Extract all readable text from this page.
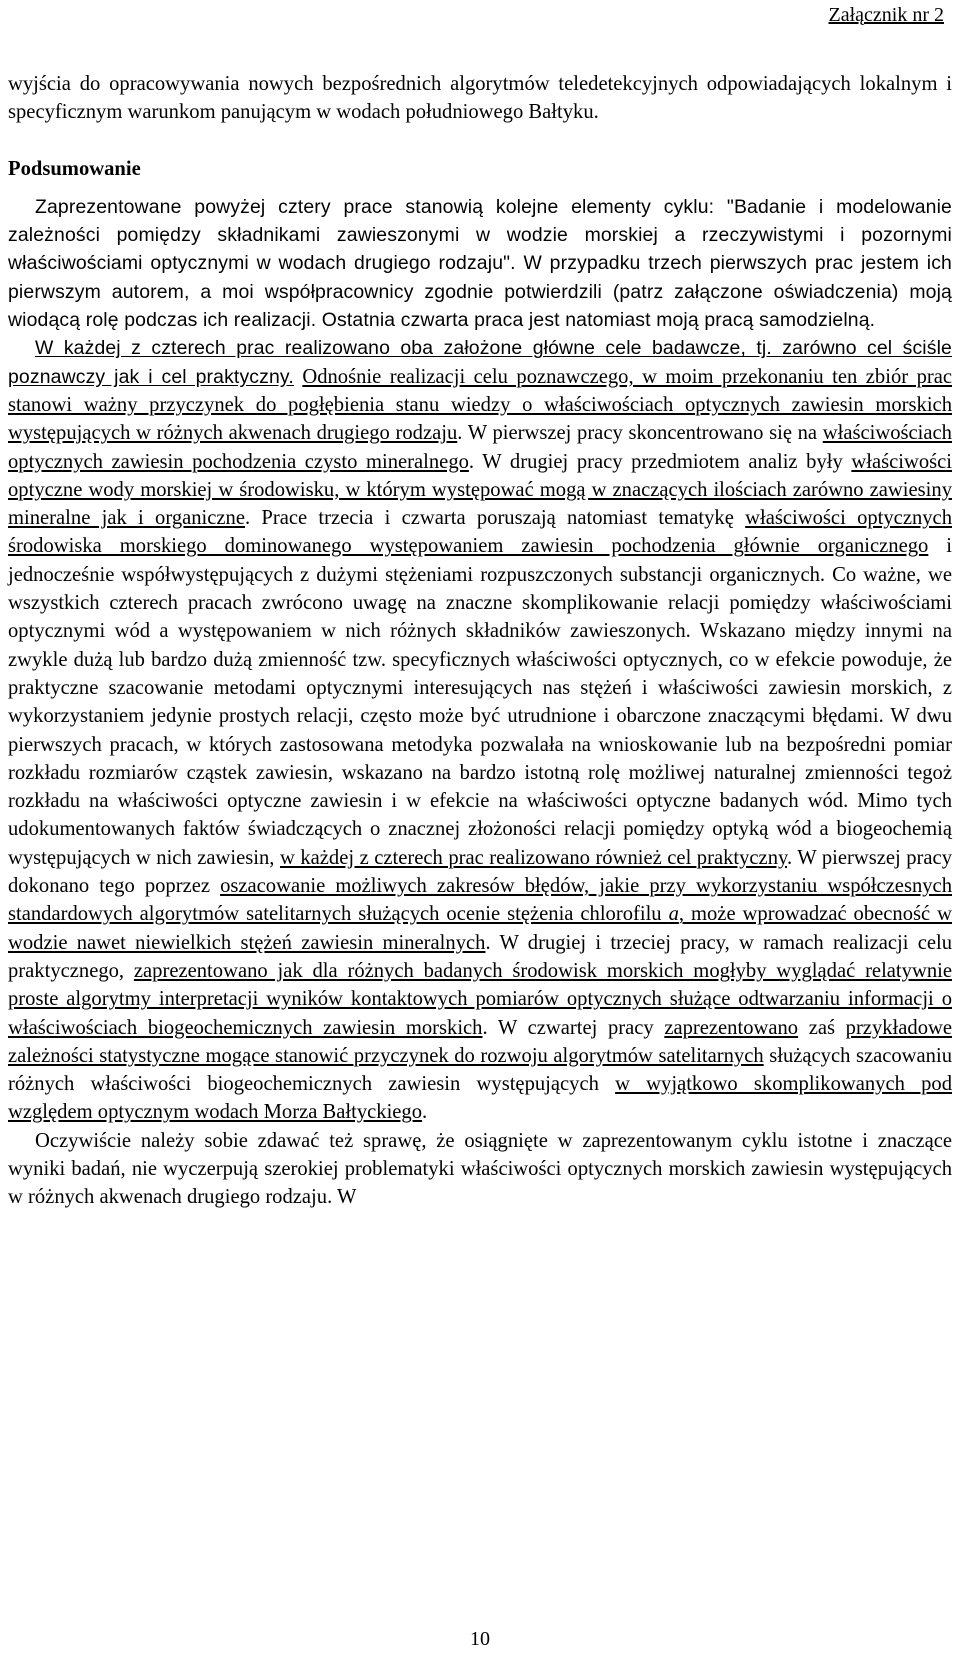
Załącznik nr 2

wyjścia do opracowywania nowych bezpośrednich algorytmów teledetekcyjnych odpowiadających lokalnym i specyficznym warunkom panującym w wodach południowego Bałtyku.

Podsumowanie

Zaprezentowane powyżej cztery prace stanowią kolejne elementy cyklu: "Badanie i modelowanie zależności pomiędzy składnikami zawieszonymi w wodzie morskiej a rzeczywistymi i pozornymi właściwościami optycznymi w wodach drugiego rodzaju". W przypadku trzech pierwszych prac jestem ich pierwszym autorem, a moi współpracownicy zgodnie potwierdzili (patrz załączone oświadczenia) moją wiodącą rolę podczas ich realizacji. Ostatnia czwarta praca jest natomiast moją pracą samodzielną.

W każdej z czterech prac realizowano oba założone główne cele badawcze, tj. zarówno cel ściśle poznawczy jak i cel praktyczny. Odnośnie realizacji celu poznawczego, w moim przekonaniu ten zbiór prac stanowi ważny przyczynek do pogłębienia stanu wiedzy o właściwościach optycznych zawiesin morskich występujących w różnych akwenach drugiego rodzaju. W pierwszej pracy skoncentrowano się na właściwościach optycznych zawiesin pochodzenia czysto mineralnego. W drugiej pracy przedmiotem analiz były właściwości optyczne wody morskiej w środowisku, w którym występować mogą w znaczących ilościach zarówno zawiesiny mineralne jak i organiczne. Prace trzecia i czwarta poruszają natomiast tematykę właściwości optycznych środowiska morskiego dominowanego występowaniem zawiesin pochodzenia głównie organicznego i jednocześnie współwystępujących z dużymi stężeniami rozpuszczonych substancji organicznych. Co ważne, we wszystkich czterech pracach zwrócono uwagę na znaczne skomplikowanie relacji pomiędzy właściwościami optycznymi wód a występowaniem w nich różnych składników zawieszonych. Wskazano między innymi na zwykle dużą lub bardzo dużą zmienność tzw. specyficznych właściwości optycznych, co w efekcie powoduje, że praktyczne szacowanie metodami optycznymi interesujących nas stężeń i właściwości zawiesin morskich, z wykorzystaniem jedynie prostych relacji, często może być utrudnione i obarczone znaczącymi błędami. W dwu pierwszych pracach, w których zastosowana metodyka pozwalała na wnioskowanie lub na bezpośredni pomiar rozkładu rozmiarów cząstek zawiesin, wskazano na bardzo istotną rolę możliwej naturalnej zmienności tegoż rozkładu na właściwości optyczne zawiesin i w efekcie na właściwości optyczne badanych wód. Mimo tych udokumentowanych faktów świadczących o znacznej złożoności relacji pomiędzy optyką wód a biogeochemią występujących w nich zawiesin, w każdej z czterech prac realizowano również cel praktyczny. W pierwszej pracy dokonano tego poprzez oszacowanie możliwych zakresów błędów, jakie przy wykorzystaniu współczesnych standardowych algorytmów satelitarnych służących ocenie stężenia chlorofilu a, może wprowadzać obecność w wodzie nawet niewielkich stężeń zawiesin mineralnych. W drugiej i trzeciej pracy, w ramach realizacji celu praktycznego, zaprezentowano jak dla różnych badanych środowisk morskich mogłyby wyglądać relatywnie proste algorytmy interpretacji wyników kontaktowych pomiarów optycznych służące odtwarzaniu informacji o właściwościach biogeochemicznych zawiesin morskich. W czwartej pracy zaprezentowano zaś przykładowe zależności statystyczne mogące stanowić przyczynek do rozwoju algorytmów satelitarnych służących szacowaniu różnych właściwości biogeochemicznych zawiesin występujących w wyjątkowo skomplikowanych pod względem optycznym wodach Morza Bałtyckiego.

Oczywiście należy sobie zdawać też sprawę, że osiągnięte w zaprezentowanym cyklu istotne i znaczące wyniki badań, nie wyczerpują szerokiej problematyki właściwości optycznych morskich zawiesin występujących w różnych akwenach drugiego rodzaju. W

10
